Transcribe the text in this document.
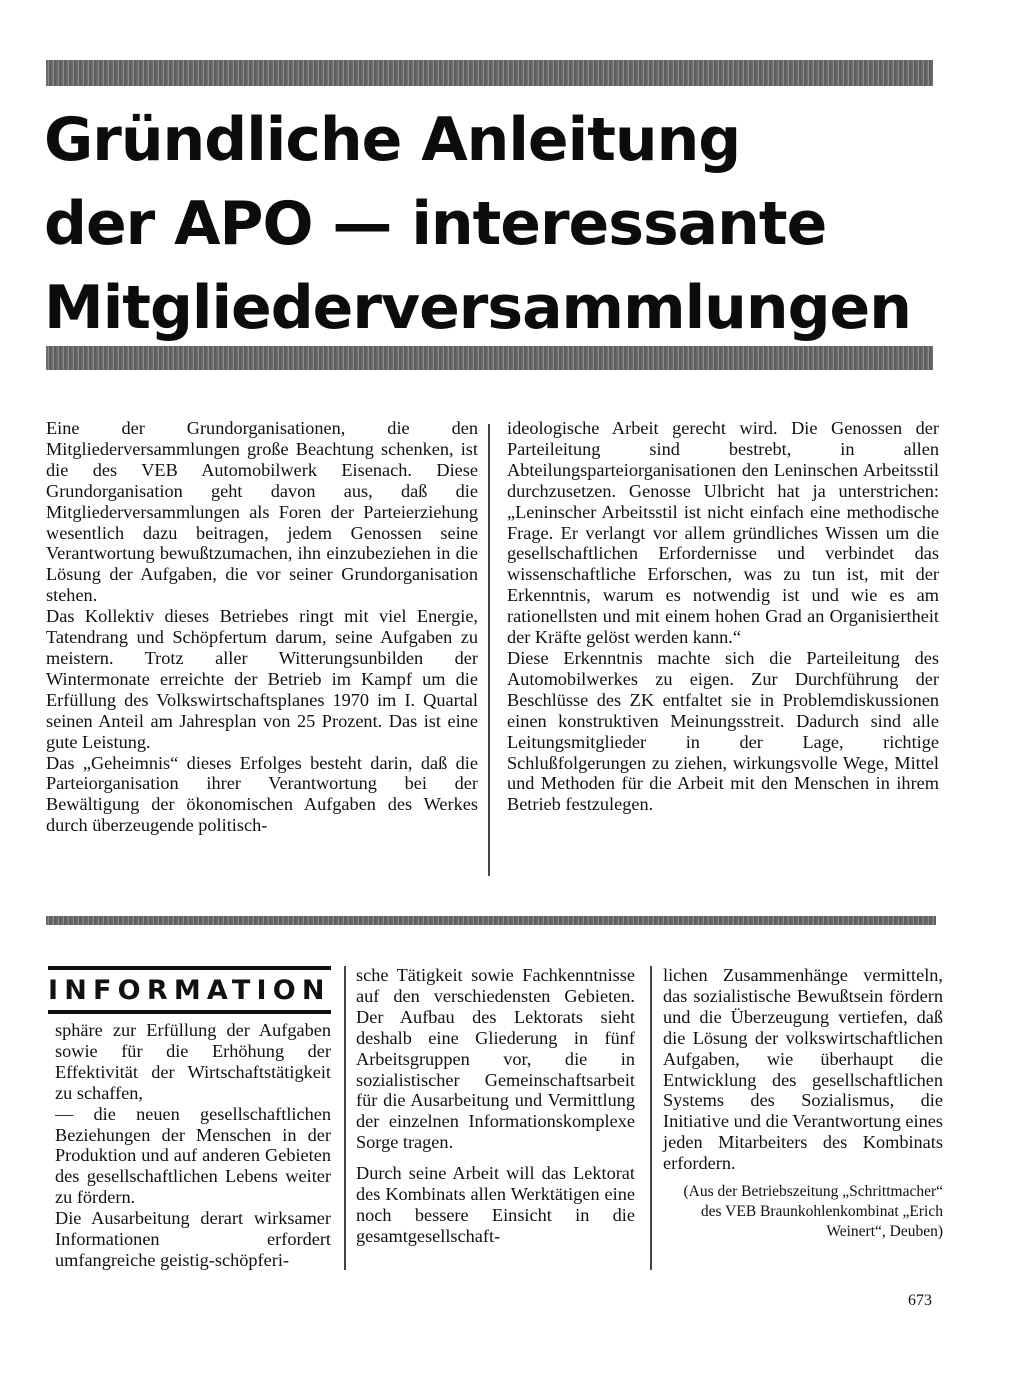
Gründliche Anleitung
der APO — interessante
Mitgliederversammlungen

Eine der Grundorganisationen, die den Mitgliederversammlungen große Beachtung schenken, ist die des VEB Automobilwerk Eisenach. Diese Grundorganisation geht davon aus, daß die Mitgliederversammlungen als Foren der Parteierziehung wesentlich dazu beitragen, jedem Genossen seine Verantwortung bewußtzumachen, ihn einzubeziehen in die Lösung der Aufgaben, die vor seiner Grundorganisation stehen.

Das Kollektiv dieses Betriebes ringt mit viel Energie, Tatendrang und Schöpfertum darum, seine Aufgaben zu meistern. Trotz aller Witterungsunbilden der Wintermonate erreichte der Betrieb im Kampf um die Erfüllung des Volkswirtschaftsplanes 1970 im I. Quartal seinen Anteil am Jahresplan von 25 Prozent. Das ist eine gute Leistung.

Das „Geheimnis“ dieses Erfolges besteht darin, daß die Parteiorganisation ihrer Verantwortung bei der Bewältigung der ökonomischen Aufgaben des Werkes durch überzeugende politisch-

ideologische Arbeit gerecht wird. Die Genossen der Parteileitung sind bestrebt, in allen Abteilungsparteiorganisationen den Leninschen Arbeitsstil durchzusetzen. Genosse Ulbricht hat ja unterstrichen: „Leninscher Arbeitsstil ist nicht einfach eine methodische Frage. Er verlangt vor allem gründliches Wissen um die gesellschaftlichen Erfordernisse und verbindet das wissenschaftliche Erforschen, was zu tun ist, mit der Erkenntnis, warum es notwendig ist und wie es am rationellsten und mit einem hohen Grad an Organisiertheit der Kräfte gelöst werden kann.“

Diese Erkenntnis machte sich die Parteileitung des Automobilwerkes zu eigen. Zur Durchführung der Beschlüsse des ZK entfaltet sie in Problemdiskussionen einen konstruktiven Meinungsstreit. Dadurch sind alle Leitungsmitglieder in der Lage, richtige Schlußfolgerungen zu ziehen, wirkungsvolle Wege, Mittel und Methoden für die Arbeit mit den Menschen in ihrem Betrieb festzulegen.

INFORMATION

sphäre zur Erfüllung der Aufgaben sowie für die Erhöhung der Effektivität der Wirtschaftstätigkeit zu schaffen,

— die neuen gesellschaftlichen Beziehungen der Menschen in der Produktion und auf anderen Gebieten des gesellschaftlichen Lebens weiter zu fördern.

Die Ausarbeitung derart wirksamer Informationen erfordert umfangreiche geistig-schöpferi-

sche Tätigkeit sowie Fachkenntnisse auf den verschiedensten Gebieten. Der Aufbau des Lektorats sieht deshalb eine Gliederung in fünf Arbeitsgruppen vor, die in sozialistischer Gemeinschaftsarbeit für die Ausarbeitung und Vermittlung der einzelnen Informationskomplexe Sorge tragen.

Durch seine Arbeit will das Lektorat des Kombinats allen Werktätigen eine noch bessere Einsicht in die gesamtgesellschaft-

lichen Zusammenhänge vermitteln, das sozialistische Bewußtsein fördern und die Überzeugung vertiefen, daß die Lösung der volkswirtschaftlichen Aufgaben, wie überhaupt die Entwicklung des gesellschaftlichen Systems des Sozialismus, die Initiative und die Verantwortung eines jeden Mitarbeiters des Kombinats erfordern.

(Aus der Betriebszeitung „Schrittmacher“ des VEB Braunkohlenkombinat „Erich Weinert“, Deuben)

673
